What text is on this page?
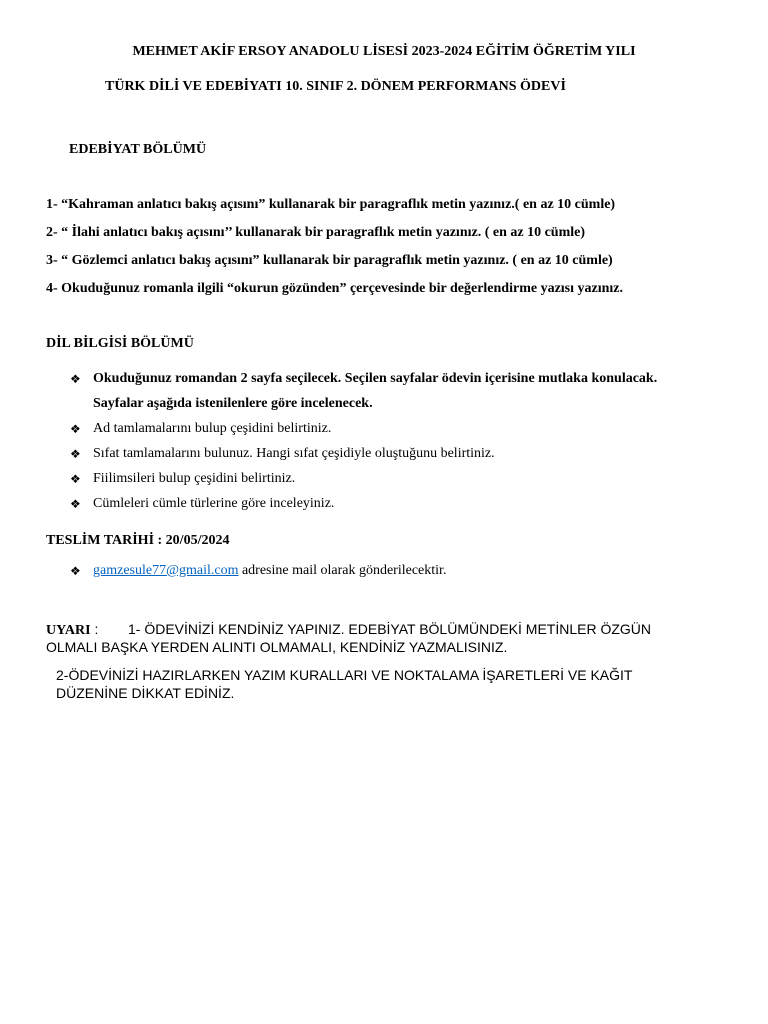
MEHMET AKİF ERSOY ANADOLU LİSESİ 2023-2024 EĞİTİM ÖĞRETİM YILI
TÜRK DİLİ VE EDEBİYATI 10. SINIF 2. DÖNEM PERFORMANS ÖDEVİ
EDEBİYAT BÖLÜMÜ
1- “Kahraman anlatıcı bakış açısını” kullanarak bir paragraflık metin yazınız.( en az 10 cümle)
2- “ İlahi anlatıcı bakış açısını’’ kullanarak bir paragraflık metin yazınız. ( en az 10 cümle)
3- “ Gözlemci anlatıcı bakış açısını” kullanarak bir paragraflık metin yazınız. ( en az 10 cümle)
4- Okuduğunuz romanla ilgili “okurun gözünden” çerçevesinde bir değerlendirme yazısı yazınız.
DİL BİLGİSİ BÖLÜMÜ
❖ Okuduğunuz romandan 2 sayfa seçilecek. Seçilen sayfalar ödevin içerisine mutlaka konulacak.
Sayfalar aşağıda istenilenlere göre incelenecek.
❖ Ad tamlamalarını bulup çeşidini belirtiniz.
❖ Sıfat tamlamalarını bulunuz. Hangi sıfat çeşidiyle oluştuğunu belirtiniz.
❖ Fiilimsileri bulup çeşidini belirtiniz.
❖ Cümleleri cümle türlerine göre inceleyiniz.
TESLİM TARİHİ : 20/05/2024
❖ gamzesule77@gmail.com adresine mail olarak gönderilecektir.
UYARI : 1- ÖDEVİNİZİ KENDİNİZ YAPINIZ. EDEBİYAT BÖLÜMÜNDEKİ METİNLER ÖZGÜN
OLMALI BAŞKA YERDEN ALINTI OLMAMALI, KENDİNİZ YAZMALISINIZ.
2-ÖDEVİNİZİ HAZIRLARKEN YAZIM KURALLARI VE NOKTALAMA İŞARETLERİ VE KAĞIT
DÜZENİNE DİKKAT EDİNİZ.
